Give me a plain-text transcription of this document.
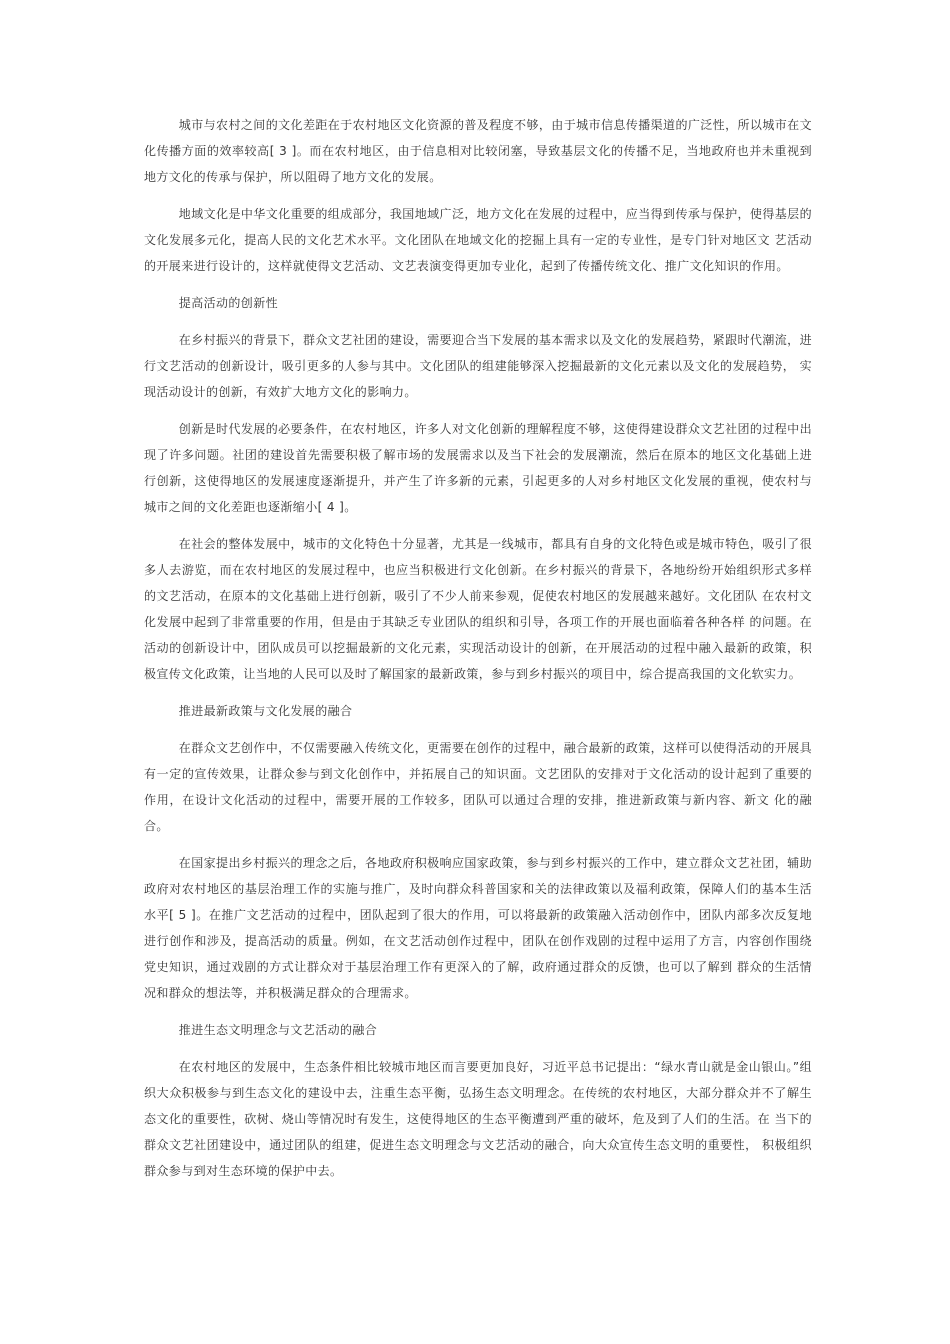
城市与农村之间的文化差距在于农村地区文化资源的普及程度不够，由于城市信息传播渠道的广泛性，所以城市在文化传播方面的效率较高[ 3 ]。而在农村地区，由于信息相对比较闭塞，导致基层文化的传播不足，当地政府也并未重视到地方文化的传承与保护，所以阻碍了地方文化的发展。

地域文化是中华文化重要的组成部分，我国地域广泛，地方文化在发展的过程中，应当得到传承与保护，使得基层的文化发展多元化，提高人民的文化艺术水平。文化团队在地域文化的挖掘上具有一定的专业性，是专门针对地区文 艺活动的开展来进行设计的，这样就使得文艺活动、文艺表演变得更加专业化，起到了传播传统文化、推广文化知识的作用。

提高活动的创新性

在乡村振兴的背景下，群众文艺社团的建设，需要迎合当下发展的基本需求以及文化的发展趋势，紧跟时代潮流，进行文艺活动的创新设计，吸引更多的人参与其中。文化团队的组建能够深入挖掘最新的文化元素以及文化的发展趋势， 实现活动设计的创新，有效扩大地方文化的影响力。

创新是时代发展的必要条件，在农村地区，许多人对文化创新的理解程度不够，这使得建设群众文艺社团的过程中出现了许多问题。社团的建设首先需要积极了解市场的发展需求以及当下社会的发展潮流，然后在原本的地区文化基础上进行创新，这使得地区的发展速度逐渐提升，并产生了许多新的元素，引起更多的人对乡村地区文化发展的重视，使农村与城市之间的文化差距也逐渐缩小[ 4 ]。

在社会的整体发展中，城市的文化特色十分显著，尤其是一线城市，都具有自身的文化特色或是城市特色，吸引了很多人去游览，而在农村地区的发展过程中，也应当积极进行文化创新。在乡村振兴的背景下，各地纷纷开始组织形式多样的文艺活动，在原本的文化基础上进行创新，吸引了不少人前来参观，促使农村地区的发展越来越好。文化团队 在农村文化发展中起到了非常重要的作用，但是由于其缺乏专业团队的组织和引导，各项工作的开展也面临着各种各样 的问题。在活动的创新设计中，团队成员可以挖掘最新的文化元素，实现活动设计的创新，在开展活动的过程中融入最新的政策，积极宣传文化政策，让当地的人民可以及时了解国家的最新政策，参与到乡村振兴的项目中，综合提高我国的文化软实力。

推进最新政策与文化发展的融合

在群众文艺创作中，不仅需要融入传统文化，更需要在创作的过程中，融合最新的政策，这样可以使得活动的开展具有一定的宣传效果，让群众参与到文化创作中，并拓展自己的知识面。文艺团队的安排对于文化活动的设计起到了重要的作用，在设计文化活动的过程中，需要开展的工作较多，团队可以通过合理的安排，推进新政策与新内容、新文 化的融合。

在国家提出乡村振兴的理念之后，各地政府积极响应国家政策，参与到乡村振兴的工作中，建立群众文艺社团，辅助政府对农村地区的基层治理工作的实施与推广，及时向群众科普国家和关的法律政策以及福利政策，保障人们的基本生活水平[ 5 ]。在推广文艺活动的过程中，团队起到了很大的作用，可以将最新的政策融入活动创作中，团队内部多次反复地进行创作和涉及，提高活动的质量。例如，在文艺活动创作过程中，团队在创作戏剧的过程中运用了方言，内容创作围绕党史知识，通过戏剧的方式让群众对于基层治理工作有更深入的了解，政府通过群众的反馈，也可以了解到 群众的生活情况和群众的想法等，并积极满足群众的合理需求。

推进生态文明理念与文艺活动的融合

在农村地区的发展中，生态条件相比较城市地区而言要更加良好，习近平总书记提出：“绿水青山就是金山银山。”组织大众积极参与到生态文化的建设中去，注重生态平衡，弘扬生态文明理念。在传统的农村地区，大部分群众并不了解生态文化的重要性，砍树、烧山等情况时有发生，这使得地区的生态平衡遭到严重的破坏，危及到了人们的生活。在 当下的群众文艺社团建设中，通过团队的组建，促进生态文明理念与文艺活动的融合，向大众宣传生态文明的重要性， 积极组织群众参与到对生态环境的保护中去。
